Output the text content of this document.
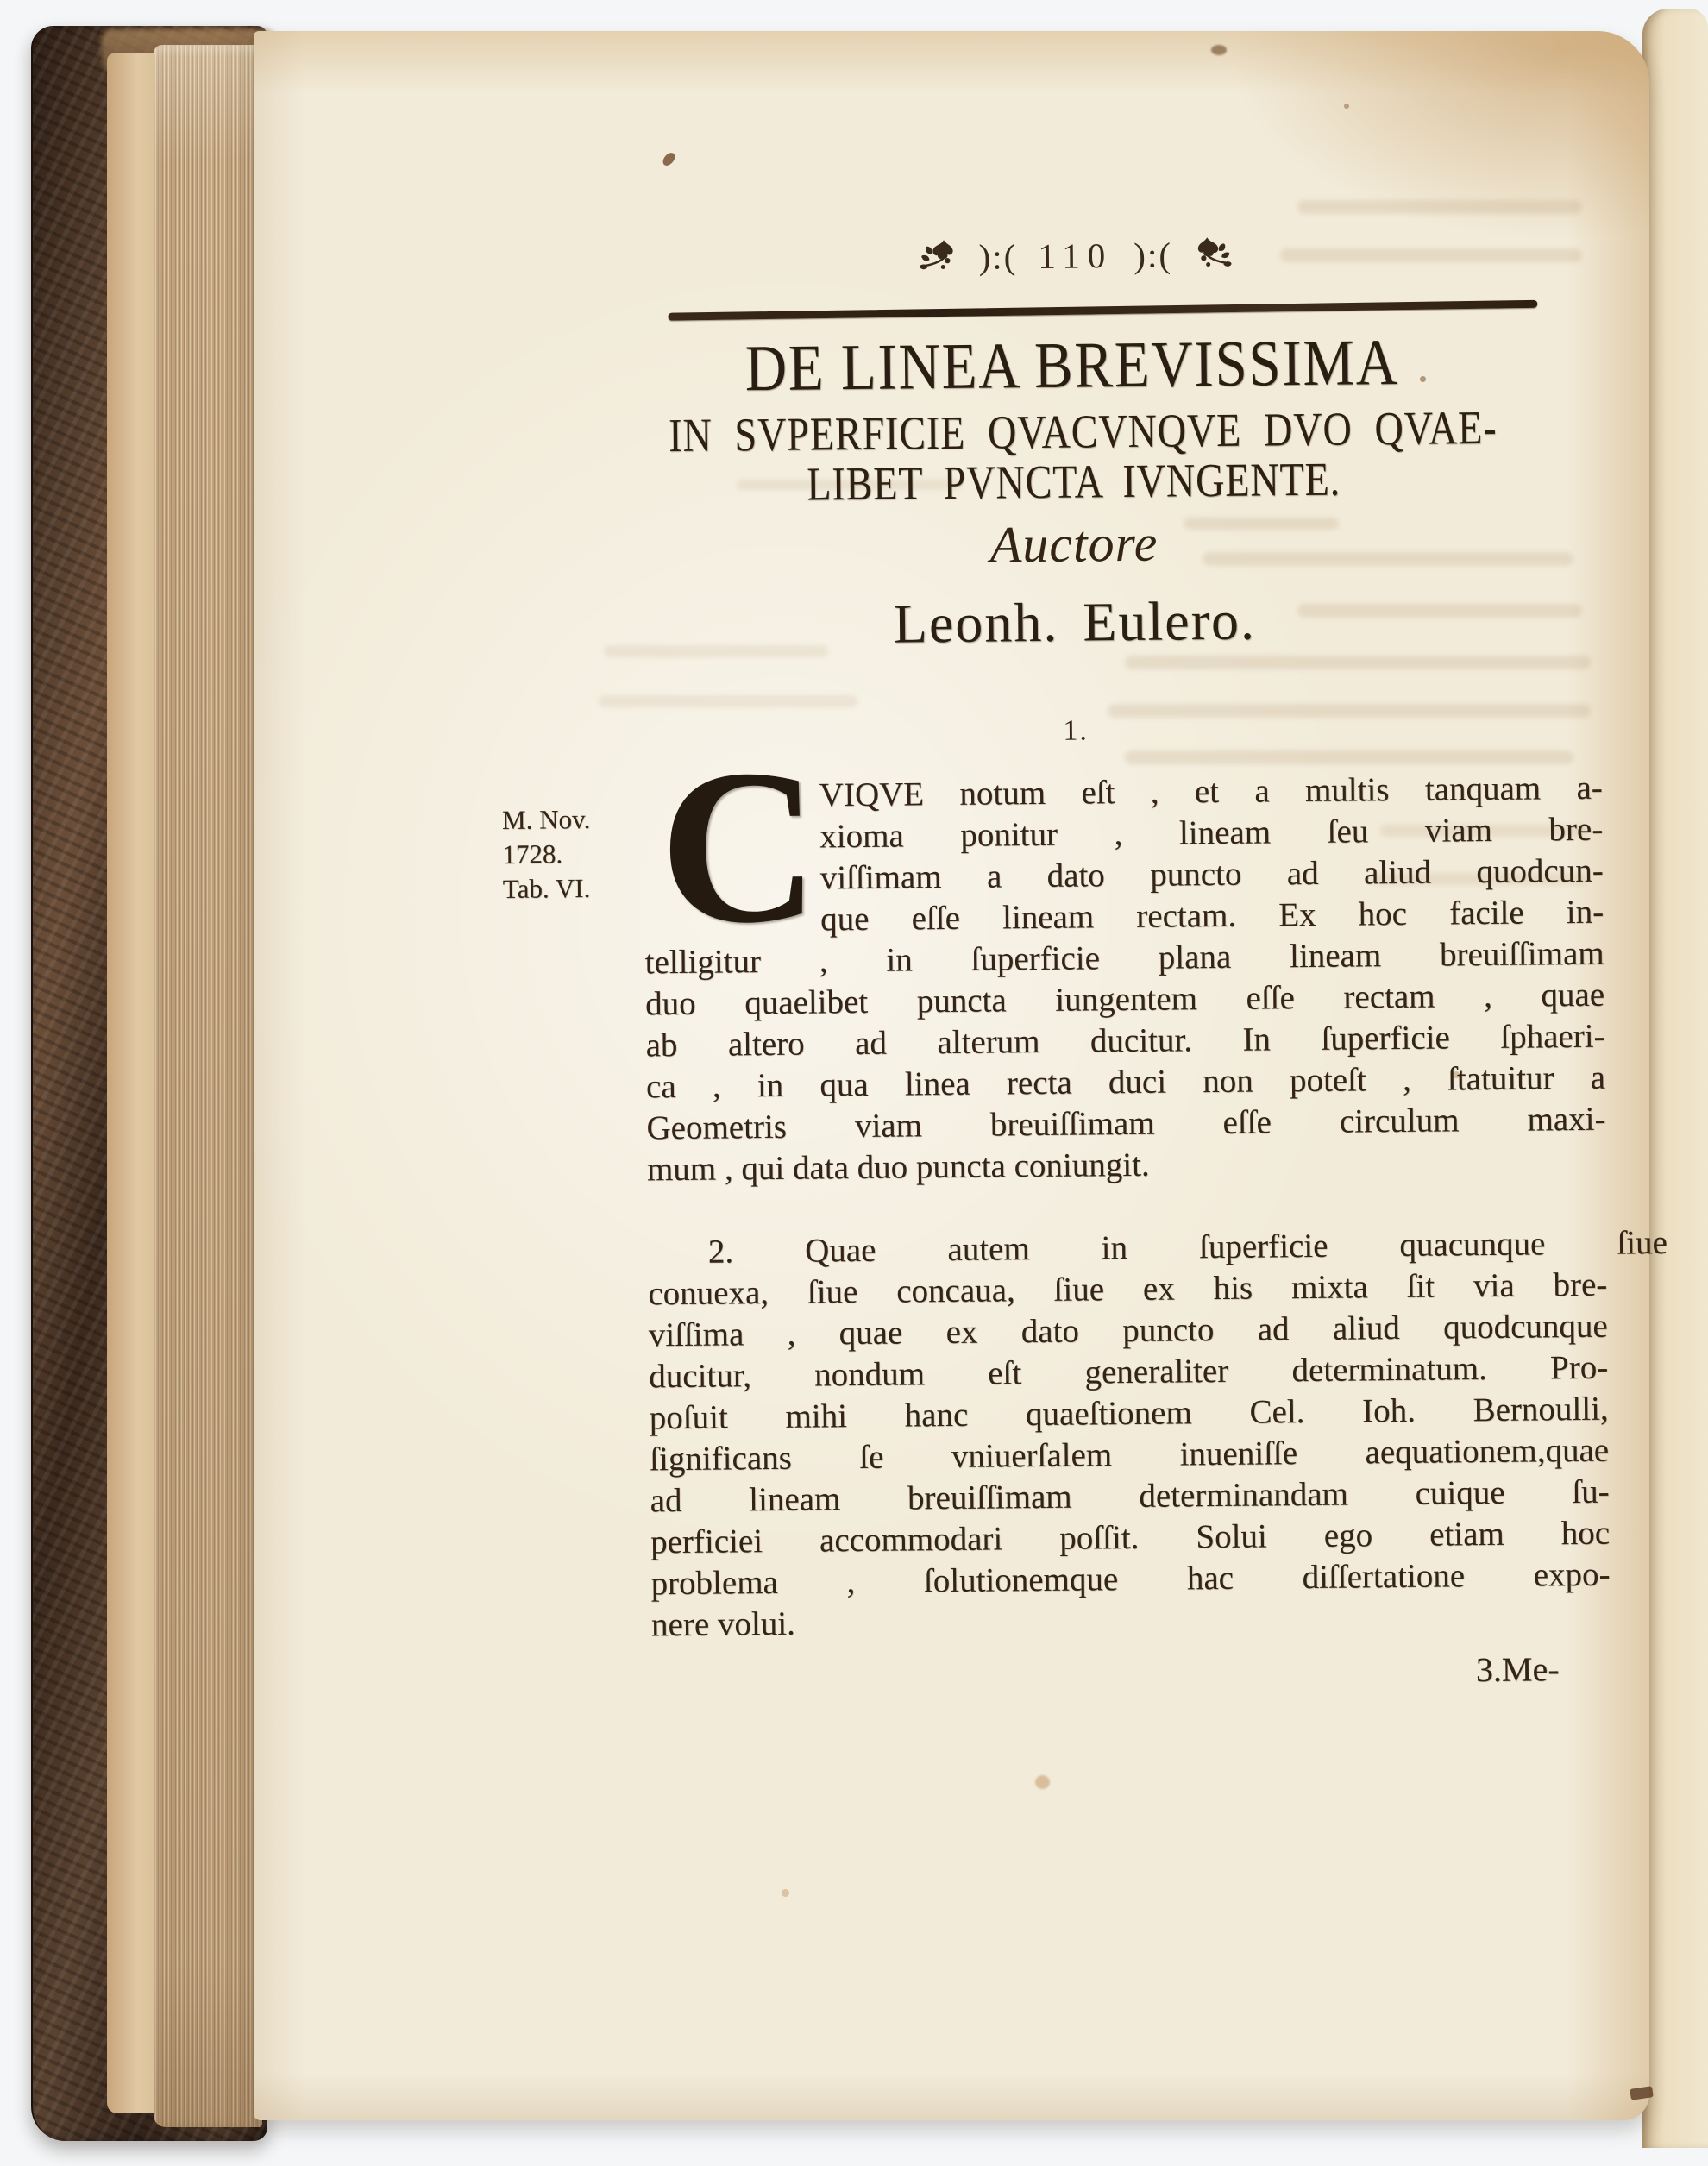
):( 110 ):(
DE LINEA BREVISSIMA
IN SVPERFICIE QVACVNQVE DVO QVAE-
LIBET PVNCTA IVNGENTE.
Auctore
Leonh. Eulero.
1.
M. Nov.
1728.
Tab. VI. C
VIQVE notum eſt , et a multis tanquam a-
xioma ponitur , lineam ſeu viam bre-
viſſimam a dato puncto ad aliud quodcun-
que eſſe lineam rectam. Ex hoc facile in-
telligitur , in ſuperficie plana lineam breuiſſimam
duo quaelibet puncta iungentem eſſe rectam , quae
ab altero ad alterum ducitur. In ſuperficie ſphaeri-
ca , in qua linea recta duci non poteſt , ſtatuitur a
Geometris viam breuiſſimam eſſe circulum maxi-
mum , qui data duo puncta coniungit.
2. Quae autem in ſuperficie quacunque ſiue
conuexa, ſiue concaua, ſiue ex his mixta ſit via bre-
viſſima , quae ex dato puncto ad aliud quodcunque
ducitur, nondum eſt generaliter determinatum. Pro-
poſuit mihi hanc quaeſtionem Cel. Ioh. Bernoulli,
ſignificans ſe vniuerſalem inueniſſe aequationem,quae
ad lineam breuiſſimam determinandam cuique ſu-
perficiei accommodari poſſit. Solui ego etiam hoc
problema , ſolutionemque hac diſſertatione expo-
nere volui.
3.Me-
